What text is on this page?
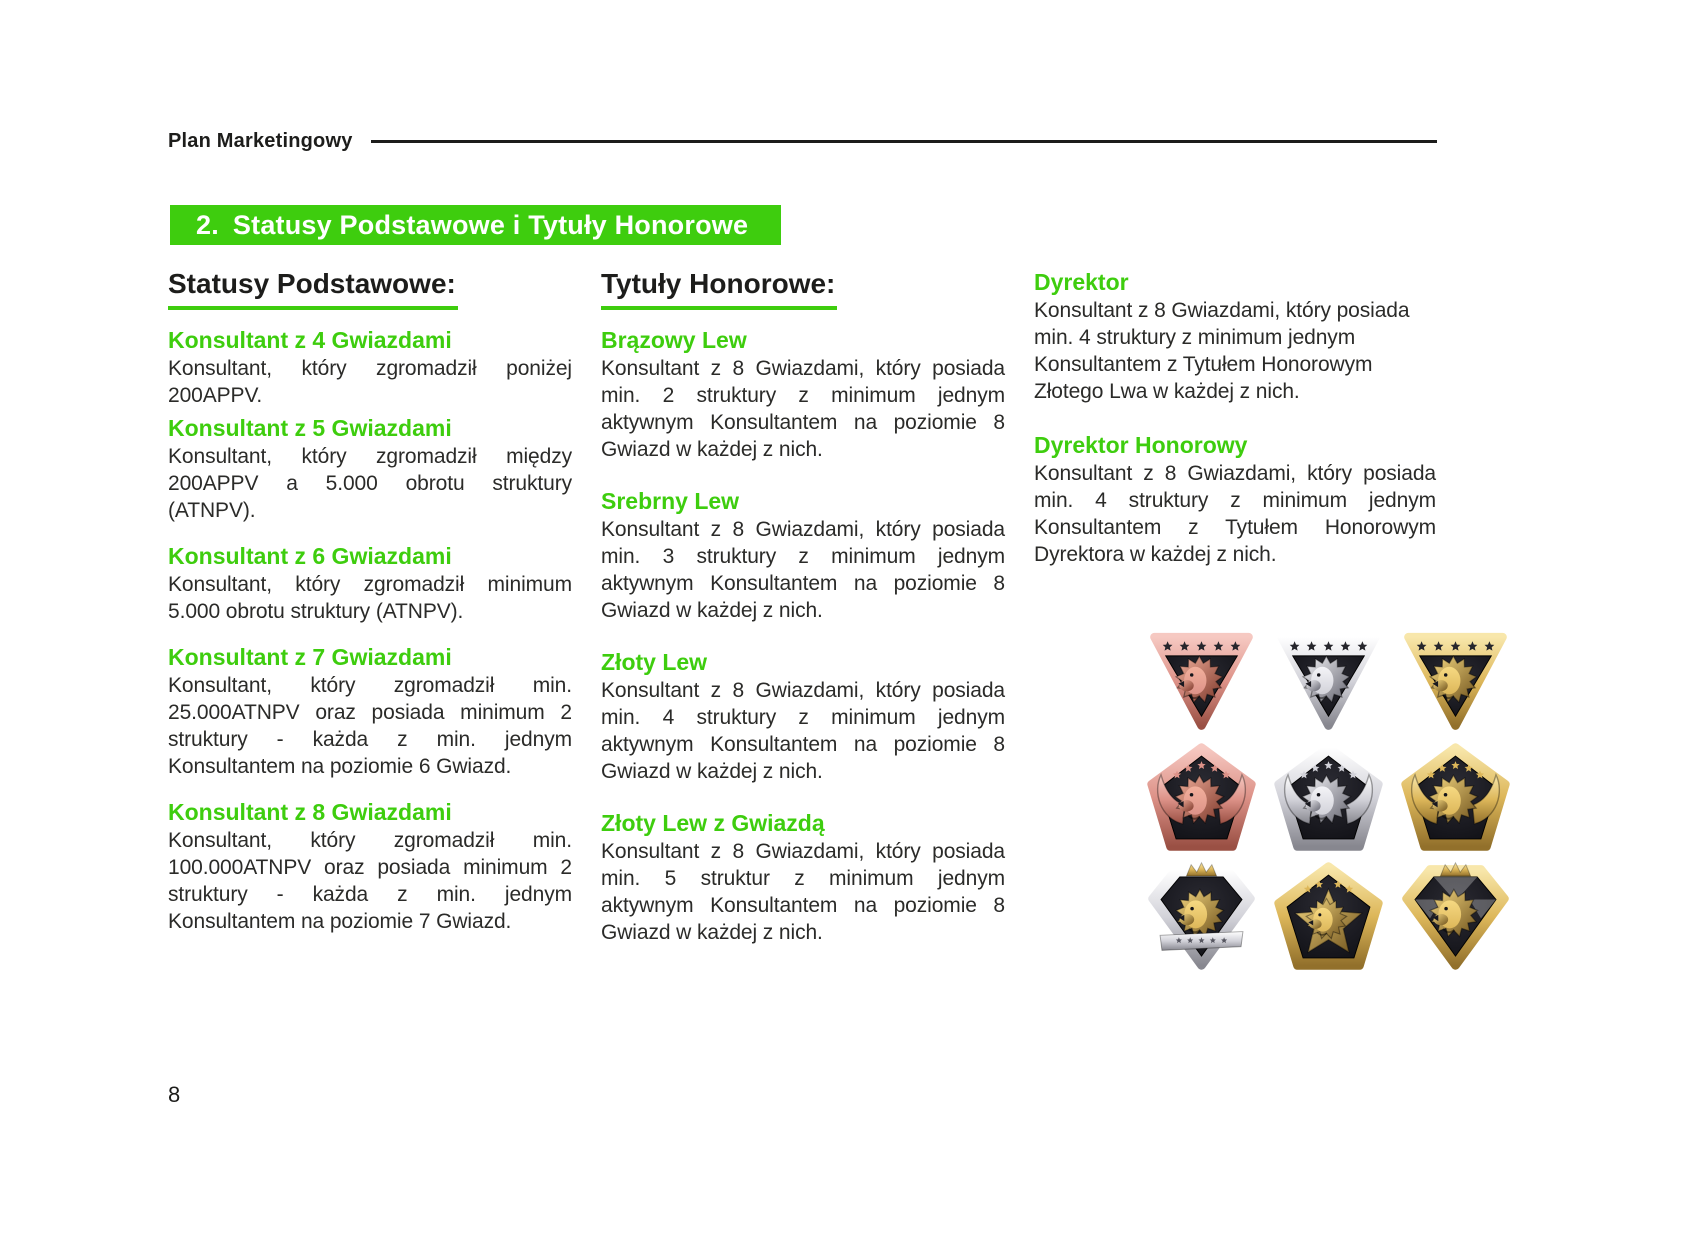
Plan Marketingowy
2. Statusy Podstawowe i Tytuły Honorowe
Statusy Podstawowe:
Konsultant z 4 Gwiazdami

Konsultant, który zgromadził poniżej 200APPV.

Konsultant z 5 Gwiazdami

Konsultant, który zgromadził między 200APPV a 5.000 obrotu struktury (ATNPV).

Konsultant z 6 Gwiazdami

Konsultant, który zgromadził minimum 5.000 obrotu struktury (ATNPV).

Konsultant z 7 Gwiazdami

Konsultant, który zgromadził min. 25.000ATNPV oraz posiada minimum 2 struktury - każda z min. jednym Konsultantem na poziomie 6 Gwiazd.

Konsultant z 8 Gwiazdami

Konsultant, który zgromadził min. 100.000ATNPV oraz posiada minimum 2 struktury - każda z min. jednym Konsultantem na poziomie 7 Gwiazd.

Tytuły Honorowe:
Brązowy Lew

Konsultant z 8 Gwiazdami, który posiada min. 2 struktury z minimum jednym aktywnym Konsultantem na poziomie 8 Gwiazd w każdej z nich.

Srebrny Lew

Konsultant z 8 Gwiazdami, który posiada min. 3 struktury z minimum jednym aktywnym Konsultantem na poziomie 8 Gwiazd w każdej z nich.

Złoty Lew

Konsultant z 8 Gwiazdami, który posiada min. 4 struktury z minimum jednym aktywnym Konsultantem na poziomie 8 Gwiazd w każdej z nich.

Złoty Lew z Gwiazdą

Konsultant z 8 Gwiazdami, który posiada min. 5 struktur z minimum jednym aktywnym Konsultantem na poziomie 8 Gwiazd w każdej z nich.

Dyrektor

Konsultant z 8 Gwiazdami, który posiada min. 4 struktury z minimum jednym Konsultantem z Tytułem Honorowym Złotego Lwa w każdej z nich.

Dyrektor Honorowy

Konsultant z 8 Gwiazdami, który posiada min. 4 struktury z minimum jednym Konsultantem z Tytułem Honorowym Dyrektora w każdej z nich.

8
